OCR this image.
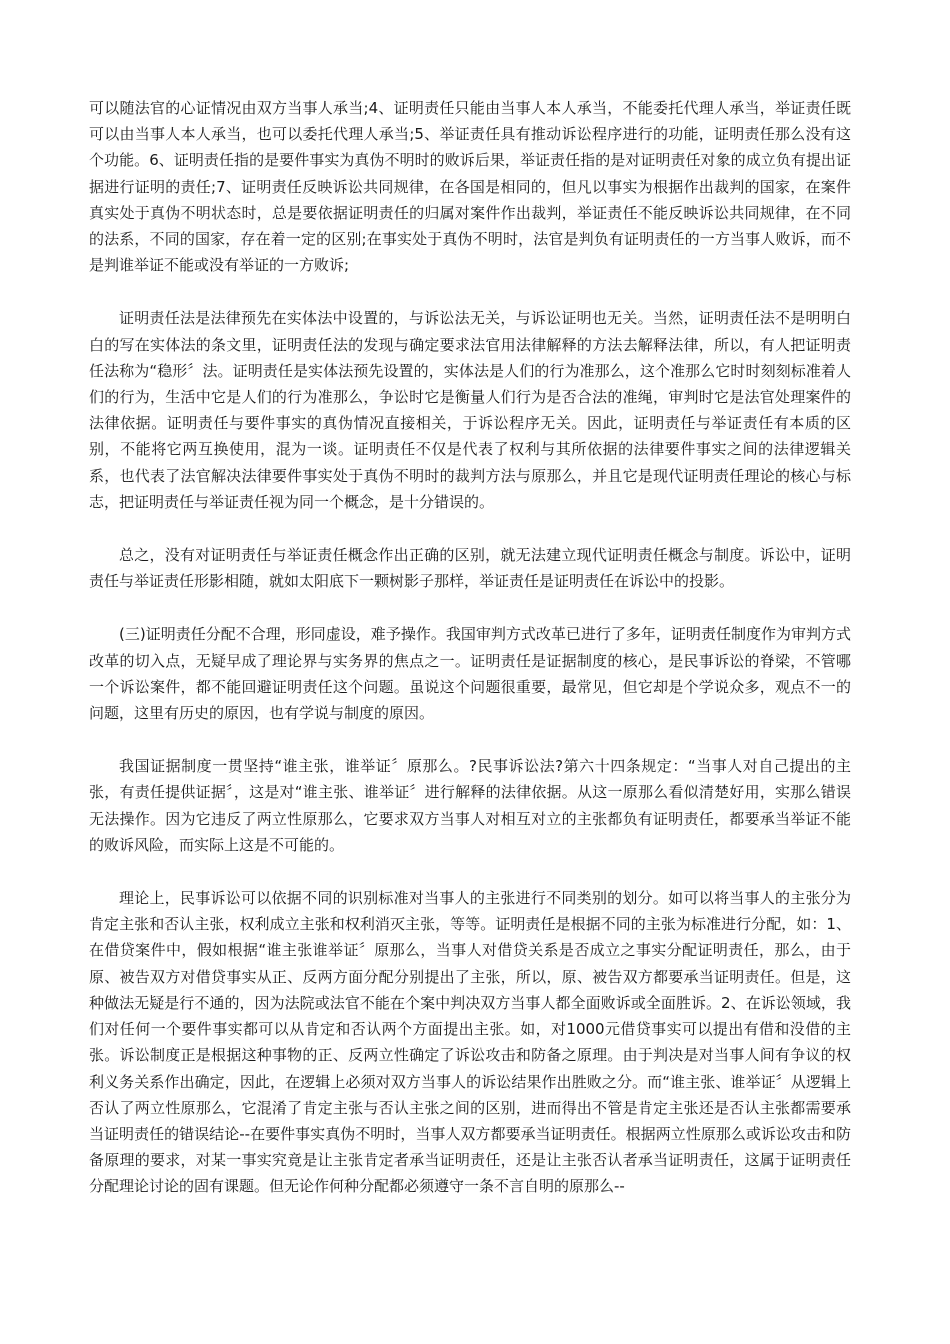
可以随法官的心证情况由双方当事人承当;4、证明责任只能由当事人本人承当，不能委托代理人承当，举证责任既可以由当事人本人承当，也可以委托代理人承当;5、举证责任具有推动诉讼程序进行的功能，证明责任那么没有这个功能。6、证明责任指的是要件事实为真伪不明时的败诉后果，举证责任指的是对证明责任对象的成立负有提出证据进行证明的责任;7、证明责任反映诉讼共同规律，在各国是相同的，但凡以事实为根据作出裁判的国家，在案件真实处于真伪不明状态时，总是要依据证明责任的归属对案件作出裁判，举证责任不能反映诉讼共同规律，在不同的法系，不同的国家，存在着一定的区别;在事实处于真伪不明时，法官是判负有证明责任的一方当事人败诉，而不是判谁举证不能或没有举证的一方败诉;

证明责任法是法律预先在实体法中设置的，与诉讼法无关，与诉讼证明也无关。当然，证明责任法不是明明白白的写在实体法的条文里，证明责任法的发现与确定要求法官用法律解释的方法去解释法律，所以，有人把证明责任法称为“稳形〞法。证明责任是实体法预先设置的，实体法是人们的行为准那么，这个准那么它时时刻刻标准着人们的行为，生活中它是人们的行为准那么，争讼时它是衡量人们行为是否合法的准绳，审判时它是法官处理案件的法律依据。证明责任与要件事实的真伪情况直接相关，于诉讼程序无关。因此，证明责任与举证责任有本质的区别，不能将它两互换使用，混为一谈。证明责任不仅是代表了权利与其所依据的法律要件事实之间的法律逻辑关系，也代表了法官解决法律要件事实处于真伪不明时的裁判方法与原那么，并且它是现代证明责任理论的核心与标志，把证明责任与举证责任视为同一个概念，是十分错误的。

总之，没有对证明责任与举证责任概念作出正确的区别，就无法建立现代证明责任概念与制度。诉讼中，证明责任与举证责任形影相随，就如太阳底下一颗树影子那样，举证责任是证明责任在诉讼中的投影。

(三)证明责任分配不合理，形同虚设，难予操作。我国审判方式改革已进行了多年，证明责任制度作为审判方式改革的切入点，无疑早成了理论界与实务界的焦点之一。证明责任是证据制度的核心，是民事诉讼的脊梁，不管哪一个诉讼案件，都不能回避证明责任这个问题。虽说这个问题很重要，最常见，但它却是个学说众多，观点不一的问题，这里有历史的原因，也有学说与制度的原因。

我国证据制度一贯坚持“谁主张，谁举证〞原那么。?民事诉讼法?第六十四条规定：“当事人对自己提出的主张，有责任提供证据〞，这是对“谁主张、谁举证〞进行解释的法律依据。从这一原那么看似清楚好用，实那么错误无法操作。因为它违反了两立性原那么，它要求双方当事人对相互对立的主张都负有证明责任，都要承当举证不能的败诉风险，而实际上这是不可能的。

理论上，民事诉讼可以依据不同的识别标准对当事人的主张进行不同类别的划分。如可以将当事人的主张分为肯定主张和否认主张，权利成立主张和权利消灭主张，等等。证明责任是根据不同的主张为标准进行分配，如：1、在借贷案件中，假如根据“谁主张谁举证〞原那么，当事人对借贷关系是否成立之事实分配证明责任，那么，由于原、被告双方对借贷事实从正、反两方面分配分别提出了主张，所以，原、被告双方都要承当证明责任。但是，这种做法无疑是行不通的，因为法院或法官不能在个案中判决双方当事人都全面败诉或全面胜诉。2、在诉讼领域，我们对任何一个要件事实都可以从肯定和否认两个方面提出主张。如，对1000元借贷事实可以提出有借和没借的主张。诉讼制度正是根据这种事物的正、反两立性确定了诉讼攻击和防备之原理。由于判决是对当事人间有争议的权利义务关系作出确定，因此，在逻辑上必须对双方当事人的诉讼结果作出胜败之分。而“谁主张、谁举证〞从逻辑上否认了两立性原那么，它混淆了肯定主张与否认主张之间的区别，进而得出不管是肯定主张还是否认主张都需要承当证明责任的错误结论--在要件事实真伪不明时，当事人双方都要承当证明责任。根据两立性原那么或诉讼攻击和防备原理的要求，对某一事实究竟是让主张肯定者承当证明责任，还是让主张否认者承当证明责任，这属于证明责任分配理论讨论的固有课题。但无论作何种分配都必须遵守一条不言自明的原那么--
